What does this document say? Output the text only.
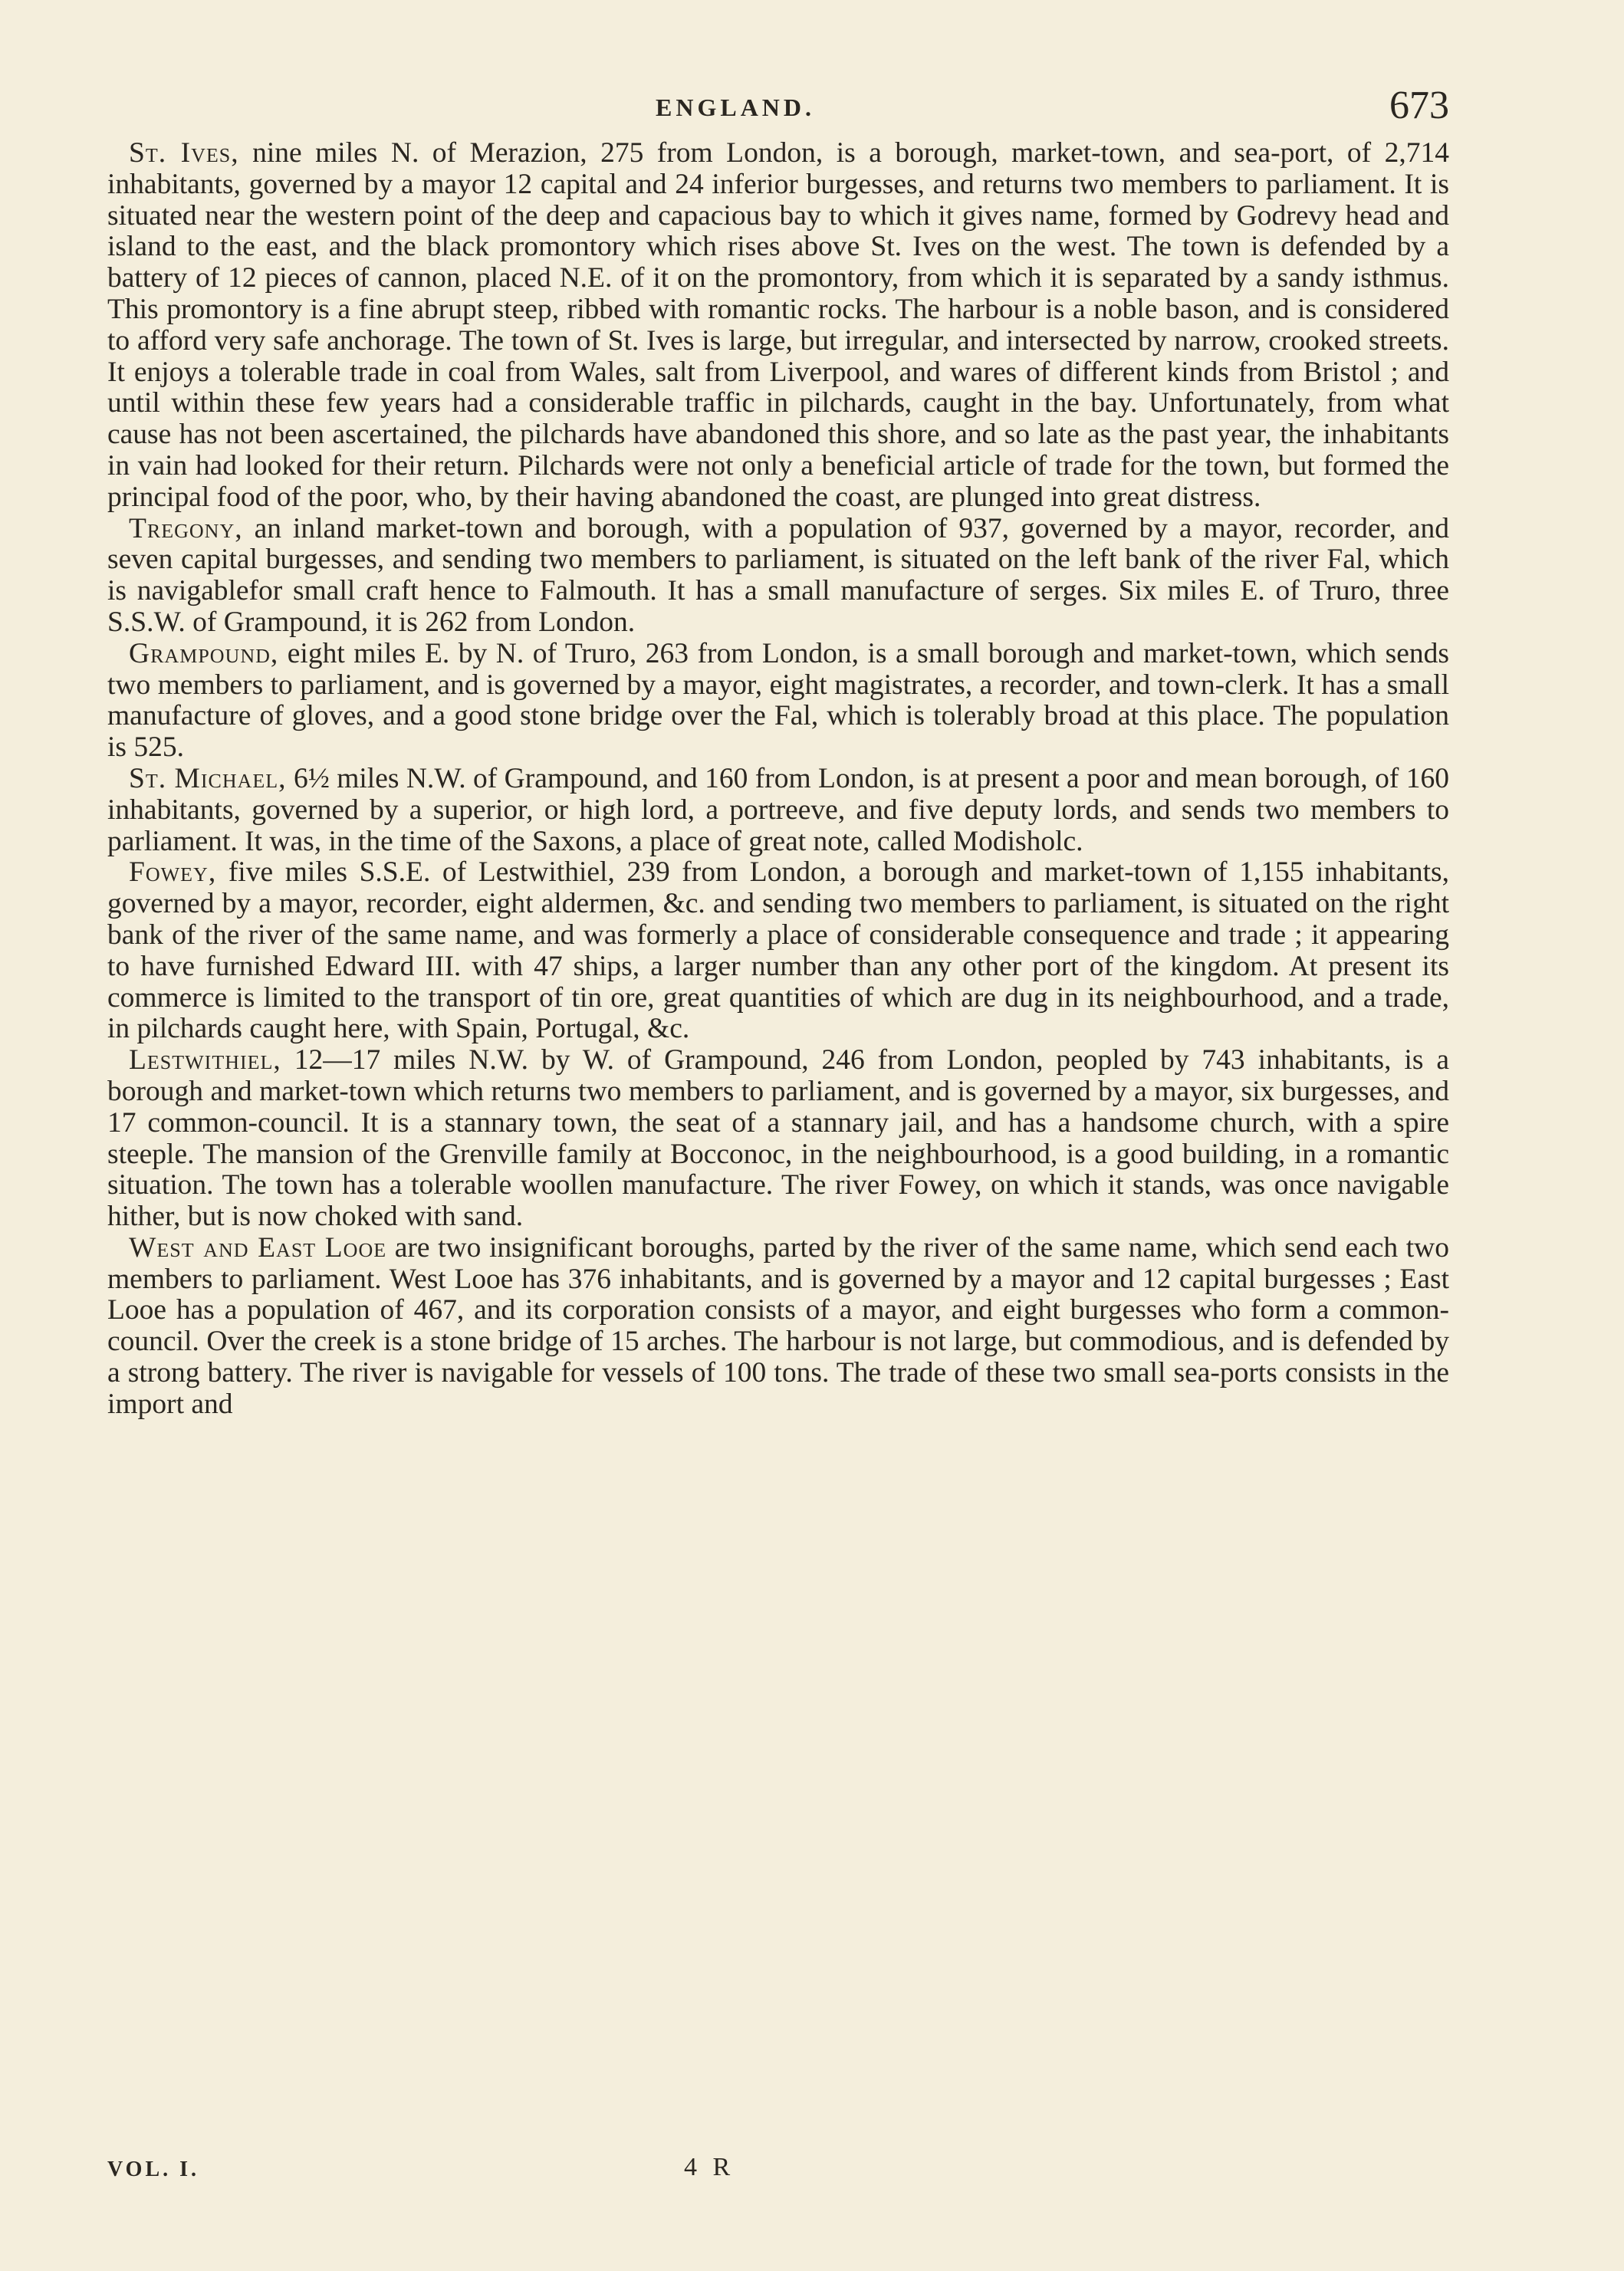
ENGLAND.	673

St. Ives, nine miles N. of Merazion, 275 from London, is a borough, market-town, and sea-port, of 2,714 inhabitants, governed by a mayor 12 capital and 24 inferior burgesses, and returns two members to parliament. It is situated near the western point of the deep and capacious bay to which it gives name, formed by Godrevy head and island to the east, and the black promontory which rises above St. Ives on the west. The town is defended by a battery of 12 pieces of cannon, placed N.E. of it on the promontory, from which it is separated by a sandy isthmus. This promontory is a fine abrupt steep, ribbed with romantic rocks. The harbour is a noble bason, and is considered to afford very safe anchorage. The town of St. Ives is large, but irregular, and intersected by narrow, crooked streets. It enjoys a tolerable trade in coal from Wales, salt from Liverpool, and wares of different kinds from Bristol ; and until within these few years had a considerable traffic in pilchards, caught in the bay. Unfortunately, from what cause has not been ascertained, the pilchards have abandoned this shore, and so late as the past year, the inhabitants in vain had looked for their return. Pilchards were not only a beneficial article of trade for the town, but formed the principal food of the poor, who, by their having abandoned the coast, are plunged into great distress.

Tregony, an inland market-town and borough, with a population of 937, governed by a mayor, recorder, and seven capital burgesses, and sending two members to parliament, is situated on the left bank of the river Fal, which is navigablefor small craft hence to Falmouth. It has a small manufacture of serges. Six miles E. of Truro, three S.S.W. of Grampound, it is 262 from London.

Grampound, eight miles E. by N. of Truro, 263 from London, is a small borough and market-town, which sends two members to parliament, and is governed by a mayor, eight magistrates, a recorder, and town-clerk. It has a small manufacture of gloves, and a good stone bridge over the Fal, which is tolerably broad at this place. The population is 525.

St. Michael, 6½ miles N.W. of Grampound, and 160 from London, is at present a poor and mean borough, of 160 inhabitants, governed by a superior, or high lord, a portreeve, and five deputy lords, and sends two members to parliament. It was, in the time of the Saxons, a place of great note, called Modisholc.

Fowey, five miles S.S.E. of Lestwithiel, 239 from London, a borough and market-town of 1,155 inhabitants, governed by a mayor, recorder, eight aldermen, &c. and sending two members to parliament, is situated on the right bank of the river of the same name, and was formerly a place of considerable consequence and trade ; it appearing to have furnished Edward III. with 47 ships, a larger number than any other port of the kingdom. At present its commerce is limited to the transport of tin ore, great quantities of which are dug in its neighbourhood, and a trade, in pilchards caught here, with Spain, Portugal, &c.

Lestwithiel, 12—17 miles N.W. by W. of Grampound, 246 from London, peopled by 743 inhabitants, is a borough and market-town which returns two members to parliament, and is governed by a mayor, six burgesses, and 17 common-council. It is a stannary town, the seat of a stannary jail, and has a handsome church, with a spire steeple. The mansion of the Grenville family at Bocconoc, in the neighbourhood, is a good building, in a romantic situation. The town has a tolerable woollen manufacture. The river Fowey, on which it stands, was once navigable hither, but is now choked with sand.

West and East Looe are two insignificant boroughs, parted by the river of the same name, which send each two members to parliament. West Looe has 376 inhabitants, and is governed by a mayor and 12 capital burgesses ; East Looe has a population of 467, and its corporation consists of a mayor, and eight burgesses who form a common-council. Over the creek is a stone bridge of 15 arches. The harbour is not large, but commodious, and is defended by a strong battery. The river is navigable for vessels of 100 tons. The trade of these two small sea-ports consists in the import and

VOL. I.	4 R
